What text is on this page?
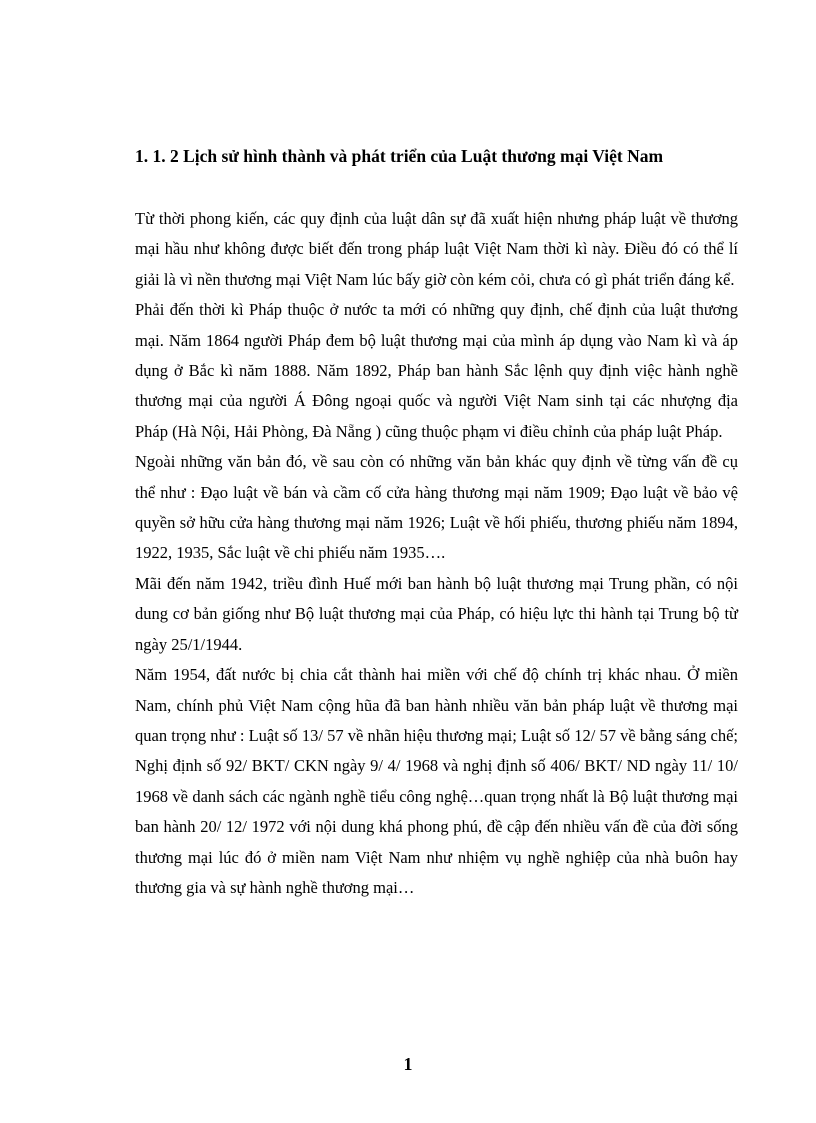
1. 1. 2 Lịch sử hình thành và phát triển của Luật thương mại Việt Nam

Từ thời phong kiến, các quy định của luật dân sự đã xuất hiện nhưng pháp luật về thương mại hầu như không được biết đến trong pháp luật Việt Nam thời kì này. Điều đó có thể lí giải là vì nền thương mại Việt Nam lúc bấy giờ còn kém cỏi, chưa có gì phát triển đáng kể.

Phải đến thời kì Pháp thuộc ở nước ta mới có những quy định, chế định của luật thương mại. Năm 1864 người Pháp đem bộ luật thương mại của mình áp dụng vào Nam kì và áp dụng ở Bắc kì năm 1888. Năm 1892, Pháp ban hành Sắc lệnh quy định việc hành nghề thương mại của người Á Đông ngoại quốc và người Việt Nam sinh tại các nhượng địa Pháp (Hà Nội, Hải Phòng, Đà Nẵng ) cũng thuộc phạm vi điều chỉnh của pháp luật Pháp.

Ngoài những văn bản đó, về sau còn có những văn bản khác quy định về từng vấn đề cụ thể như : Đạo luật về bán và cầm cố cửa hàng thương mại năm 1909; Đạo luật về bảo vệ quyền sở hữu cửa hàng thương mại năm 1926; Luật về hối phiếu, thương phiếu năm 1894, 1922, 1935, Sắc luật về chi phiếu năm 1935….

Mãi đến năm 1942, triều đình Huế mới ban hành bộ luật thương mại Trung phần, có nội dung cơ bản giống như Bộ luật thương mại của Pháp, có hiệu lực thi hành tại Trung bộ từ ngày 25/1/1944.

Năm 1954, đất nước bị chia cắt thành hai miền với chế độ chính trị khác nhau. Ở miền Nam, chính phủ Việt Nam cộng hũa đã ban hành nhiều văn bản pháp luật về thương mại quan trọng như : Luật số 13/ 57 về nhãn hiệu thương mại; Luật số 12/ 57 về bằng sáng chế; Nghị định số 92/ BKT/ CKN ngày 9/ 4/ 1968 và nghị định số 406/ BKT/ ND ngày 11/ 10/ 1968 về danh sách các ngành nghề tiểu công nghệ…quan trọng nhất là Bộ luật thương mại ban hành 20/ 12/ 1972 với nội dung khá phong phú, đề cập đến nhiều vấn đề của đời sống thương mại lúc đó ở miền nam Việt Nam như nhiệm vụ nghề nghiệp của nhà buôn hay thương gia và sự hành nghề thương mại…

1
